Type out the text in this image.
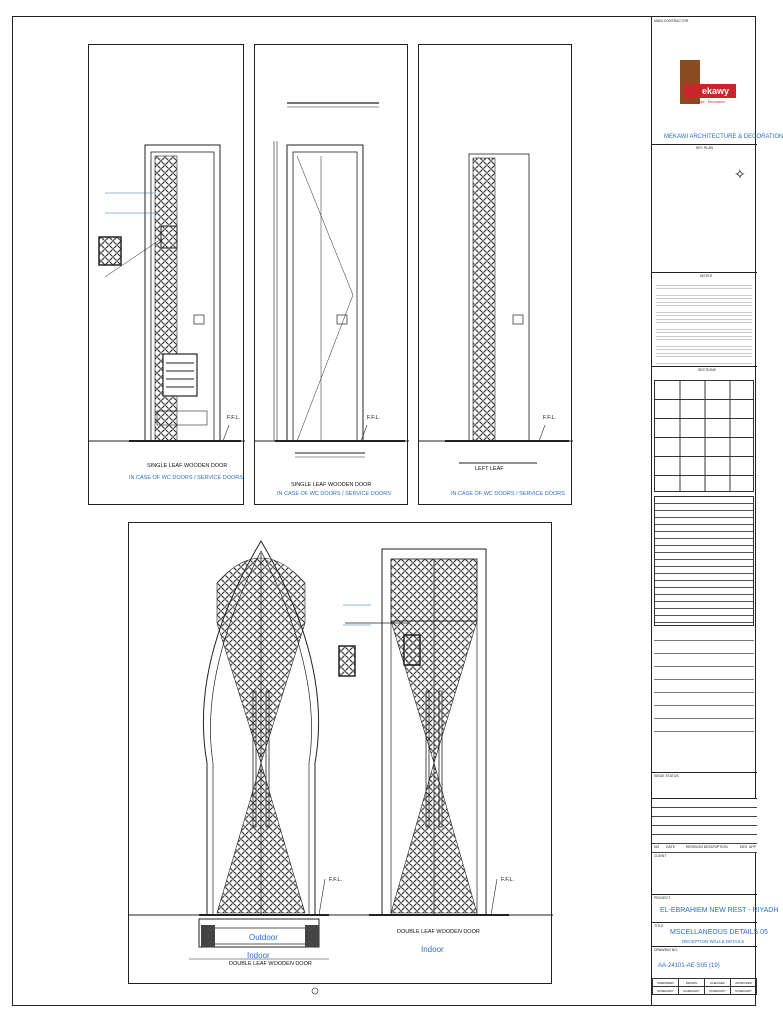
F.F.L.
SINGLE LEAF WOODEN DOOR
IN CASE OF WC DOORS / SERVICE DOORS
F.F.L.
SINGLE LEAF WOODEN DOOR
IN CASE OF WC DOORS / SERVICE DOORS
F.F.L.
LEFT LEAF
IN CASE OF WC DOORS / SERVICE DOORS
Outdoor
Indoor
DOUBLE LEAF WOODEN DOOR
F.F.L.
DOUBLE LEAF WOODEN DOOR
Indoor
F.F.L.
MAIN CONTRACTOR
ekawy
Architecture · Decoration
MEKAWI ARCHITECTURE & DECORATION
KEY PLAN
✧
NOTES
SECTIONS
ISSUE STATUS
NO DATE	REVISION DESCRIPTION	DES APP
CLIENT
PROJECT
EL-EBRAHIEM NEW REST - RIYADH
TITLE
MSCELLANEOUS DETAILS 05
RECEPTION WALLS DETAILS
DRAWING NO.
AA-24101-AE-S05 (19)
PREPARED	DRAWN	CHECKED	APPROVED
M.MEKAWY	M.MEKAWY	M.MEKAWY	M.MEKAWY
